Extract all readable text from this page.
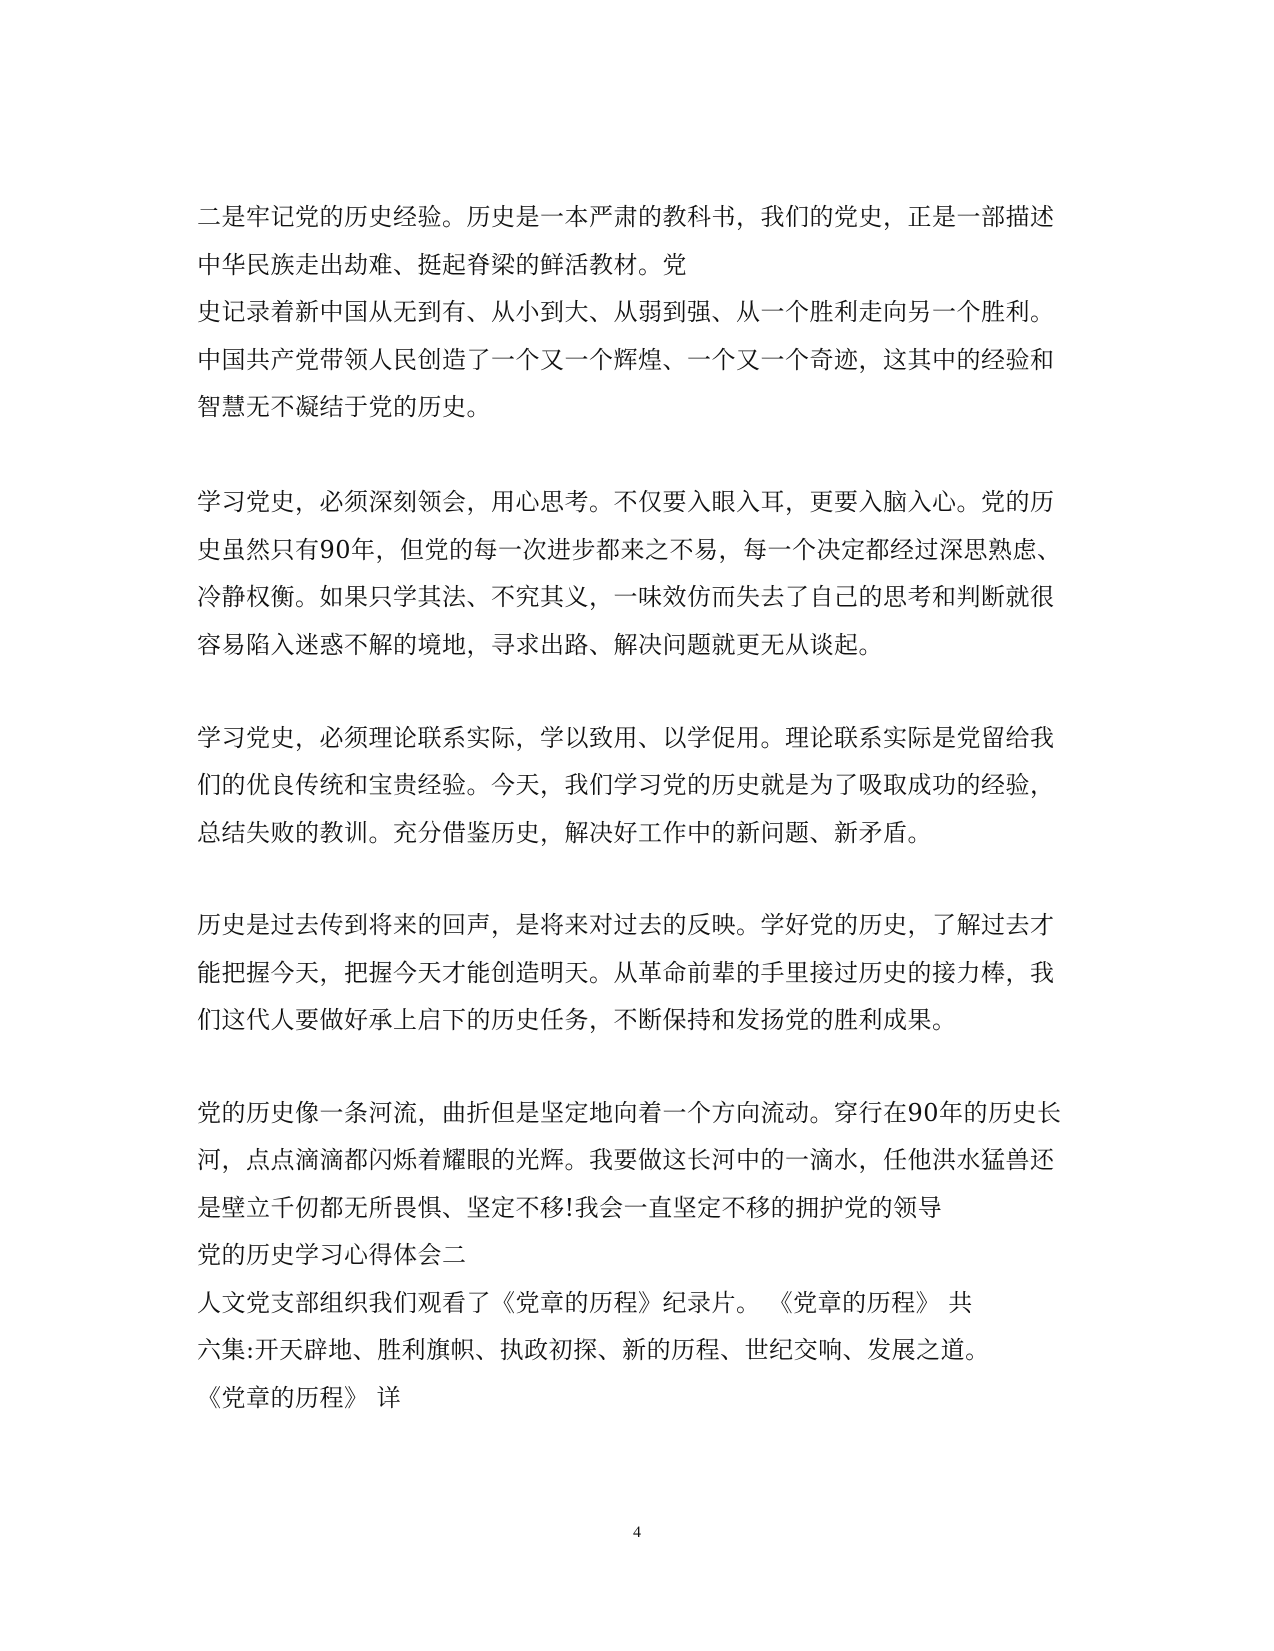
二是牢记党的历史经验。历史是一本严肃的教科书，我们的党史，正是一部描述
中华民族走出劫难、挺起脊梁的鲜活教材。党
史记录着新中国从无到有、从小到大、从弱到强、从一个胜利走向另一个胜利。
中国共产党带领人民创造了一个又一个辉煌、一个又一个奇迹，这其中的经验和
智慧无不凝结于党的历史。
学习党史，必须深刻领会，用心思考。不仅要入眼入耳，更要入脑入心。党的历
史虽然只有90年，但党的每一次进步都来之不易，每一个决定都经过深思熟虑、
冷静权衡。如果只学其法、不究其义，一味效仿而失去了自己的思考和判断就很
容易陷入迷惑不解的境地，寻求出路、解决问题就更无从谈起。
学习党史，必须理论联系实际，学以致用、以学促用。理论联系实际是党留给我
们的优良传统和宝贵经验。今天，我们学习党的历史就是为了吸取成功的经验，
总结失败的教训。充分借鉴历史，解决好工作中的新问题、新矛盾。
历史是过去传到将来的回声，是将来对过去的反映。学好党的历史，了解过去才
能把握今天，把握今天才能创造明天。从革命前辈的手里接过历史的接力棒，我
们这代人要做好承上启下的历史任务，不断保持和发扬党的胜利成果。
党的历史像一条河流，曲折但是坚定地向着一个方向流动。穿行在90年的历史长
河，点点滴滴都闪烁着耀眼的光辉。我要做这长河中的一滴水，任他洪水猛兽还
是壁立千仞都无所畏惧、坚定不移!我会一直坚定不移的拥护党的领导
党的历史学习心得体会二
人文党支部组织我们观看了《党章的历程》纪录片。 《党章的历程》 共
六集:开天辟地、胜利旗帜、执政初探、新的历程、世纪交响、发展之道。
《党章的历程》 详
4
